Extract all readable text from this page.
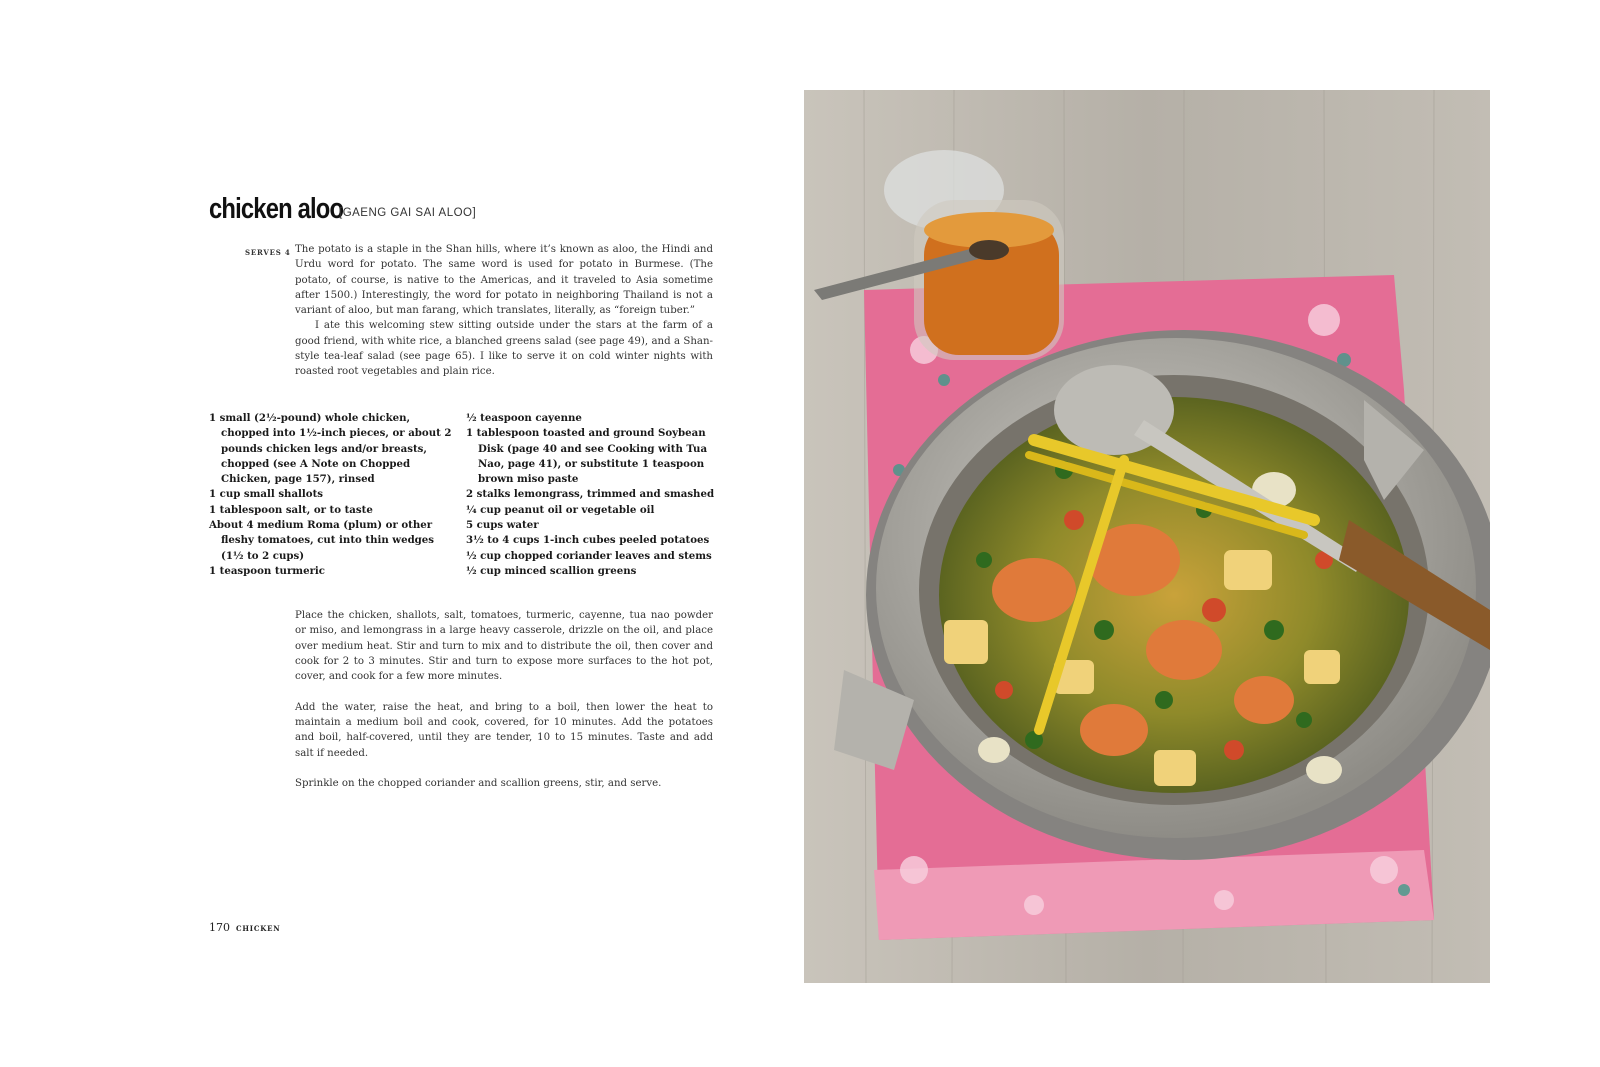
chicken aloo
[GAENG GAI SAI ALOO]
SERVES 4 The potato is a staple in the Shan hills, where it’s known as aloo, the Hindi and Urdu word for potato. The same word is used for potato in Burmese. (The potato, of course, is native to the Americas, and it traveled to Asia sometime after 1500.) Interestingly, the word for potato in neighboring Thailand is not a variant of aloo, but man farang, which translates, literally, as “foreign tuber.”

I ate this welcoming stew sitting outside under the stars at the farm of a good friend, with white rice, a blanched greens salad (see page 49), and a Shan-style tea-leaf salad (see page 65). I like to serve it on cold winter nights with roasted root vegetables and plain rice.

1 small (2½-pound) whole chicken, chopped into 1½-inch pieces, or about 2 pounds chicken legs and/or breasts, chopped (see A Note on Chopped Chicken, page 157), rinsed
1 cup small shallots
1 tablespoon salt, or to taste
About 4 medium Roma (plum) or other fleshy tomatoes, cut into thin wedges (1½ to 2 cups)
1 teaspoon turmeric
½ teaspoon cayenne
1 tablespoon toasted and ground Soybean Disk (page 40 and see Cooking with Tua Nao, page 41), or substitute 1 teaspoon brown miso paste
2 stalks lemongrass, trimmed and smashed
¼ cup peanut oil or vegetable oil
5 cups water
3½ to 4 cups 1-inch cubes peeled potatoes
½ cup chopped coriander leaves and stems
½ cup minced scallion greens

Place the chicken, shallots, salt, tomatoes, turmeric, cayenne, tua nao powder or miso, and lemongrass in a large heavy casserole, drizzle on the oil, and place over medium heat. Stir and turn to mix and to distribute the oil, then cover and cook for 2 to 3 minutes. Stir and turn to expose more surfaces to the hot pot, cover, and cook for a few more minutes.

Add the water, raise the heat, and bring to a boil, then lower the heat to maintain a medium boil and cook, covered, for 10 minutes. Add the potatoes and boil, half-covered, until they are tender, 10 to 15 minutes. Taste and add salt if needed.

Sprinkle on the chopped coriander and scallion greens, stir, and serve.

170 CHICKEN
